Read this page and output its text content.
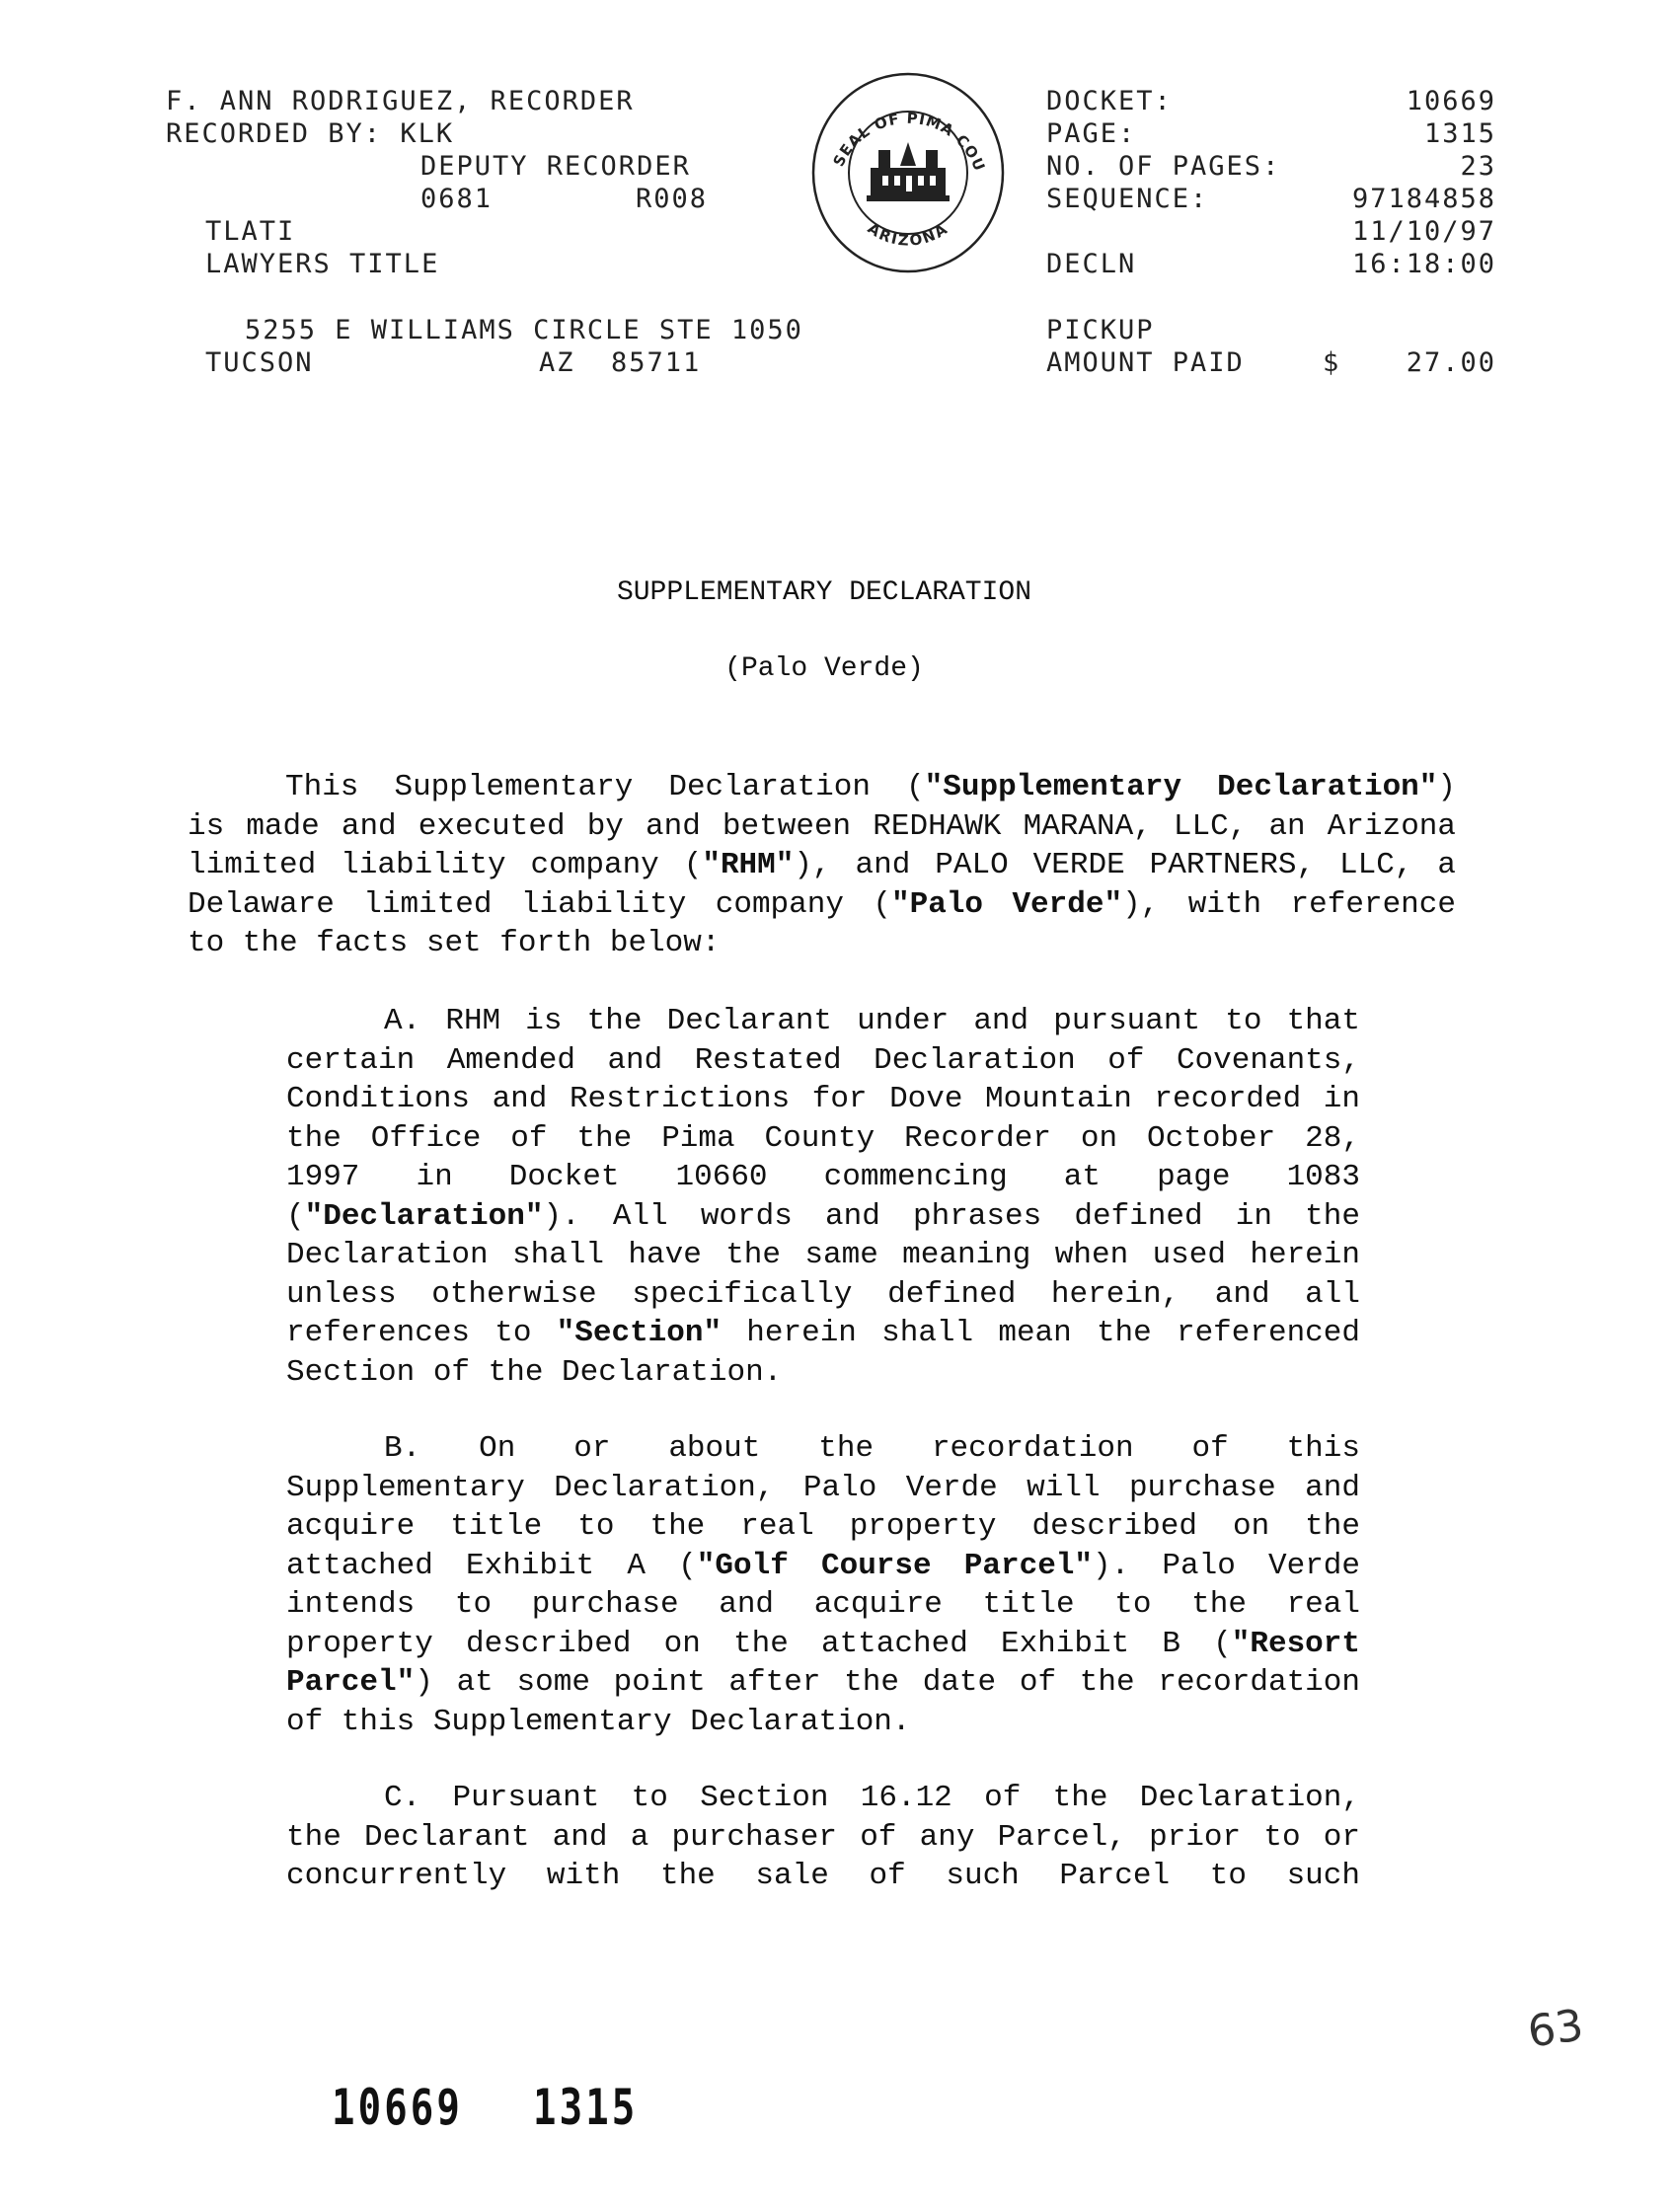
F. ANN RODRIGUEZ, RECORDER
RECORDED BY: KLK
DEPUTY RECORDER
0681	R008
TLATI
LAWYERS TITLE
5255 E WILLIAMS CIRCLE STE 1050
TUCSON	AZ  85711
SEAL OF PIMA COU
ARIZONA
DOCKET:	10669
PAGE:	1315
NO. OF PAGES:	23
SEQUENCE:	97184858
11/10/97
DECLN	16:18:00
PICKUP
AMOUNT PAID	$ 27.00
SUPPLEMENTARY DECLARATION
(Palo Verde)
This Supplementary Declaration ("Supplementary Declaration")
is made and executed by and between REDHAWK MARANA, LLC, an Arizona
limited liability company ("RHM"), and PALO VERDE PARTNERS, LLC, a
Delaware limited liability company ("Palo Verde"), with reference
to the facts set forth below:
A. RHM is the Declarant under and pursuant to that
certain Amended and Restated Declaration of Covenants,
Conditions and Restrictions for Dove Mountain recorded in
the Office of the Pima County Recorder on October 28,
1997 in Docket 10660 commencing at page 1083
("Declaration"). All words and phrases defined in the
Declaration shall have the same meaning when used herein
unless otherwise specifically defined herein, and all
references to "Section" herein shall mean the referenced
Section of the Declaration.
B. On or about the recordation of this
Supplementary Declaration, Palo Verde will purchase and
acquire title to the real property described on the
attached Exhibit A ("Golf Course Parcel"). Palo Verde
intends to purchase and acquire title to the real
property described on the attached Exhibit B ("Resort
Parcel") at some point after the date of the recordation
of this Supplementary Declaration.
C. Pursuant to Section 16.12 of the Declaration,
the Declarant and a purchaser of any Parcel, prior to or
concurrently with the sale of such Parcel to such
63
10669 1315
